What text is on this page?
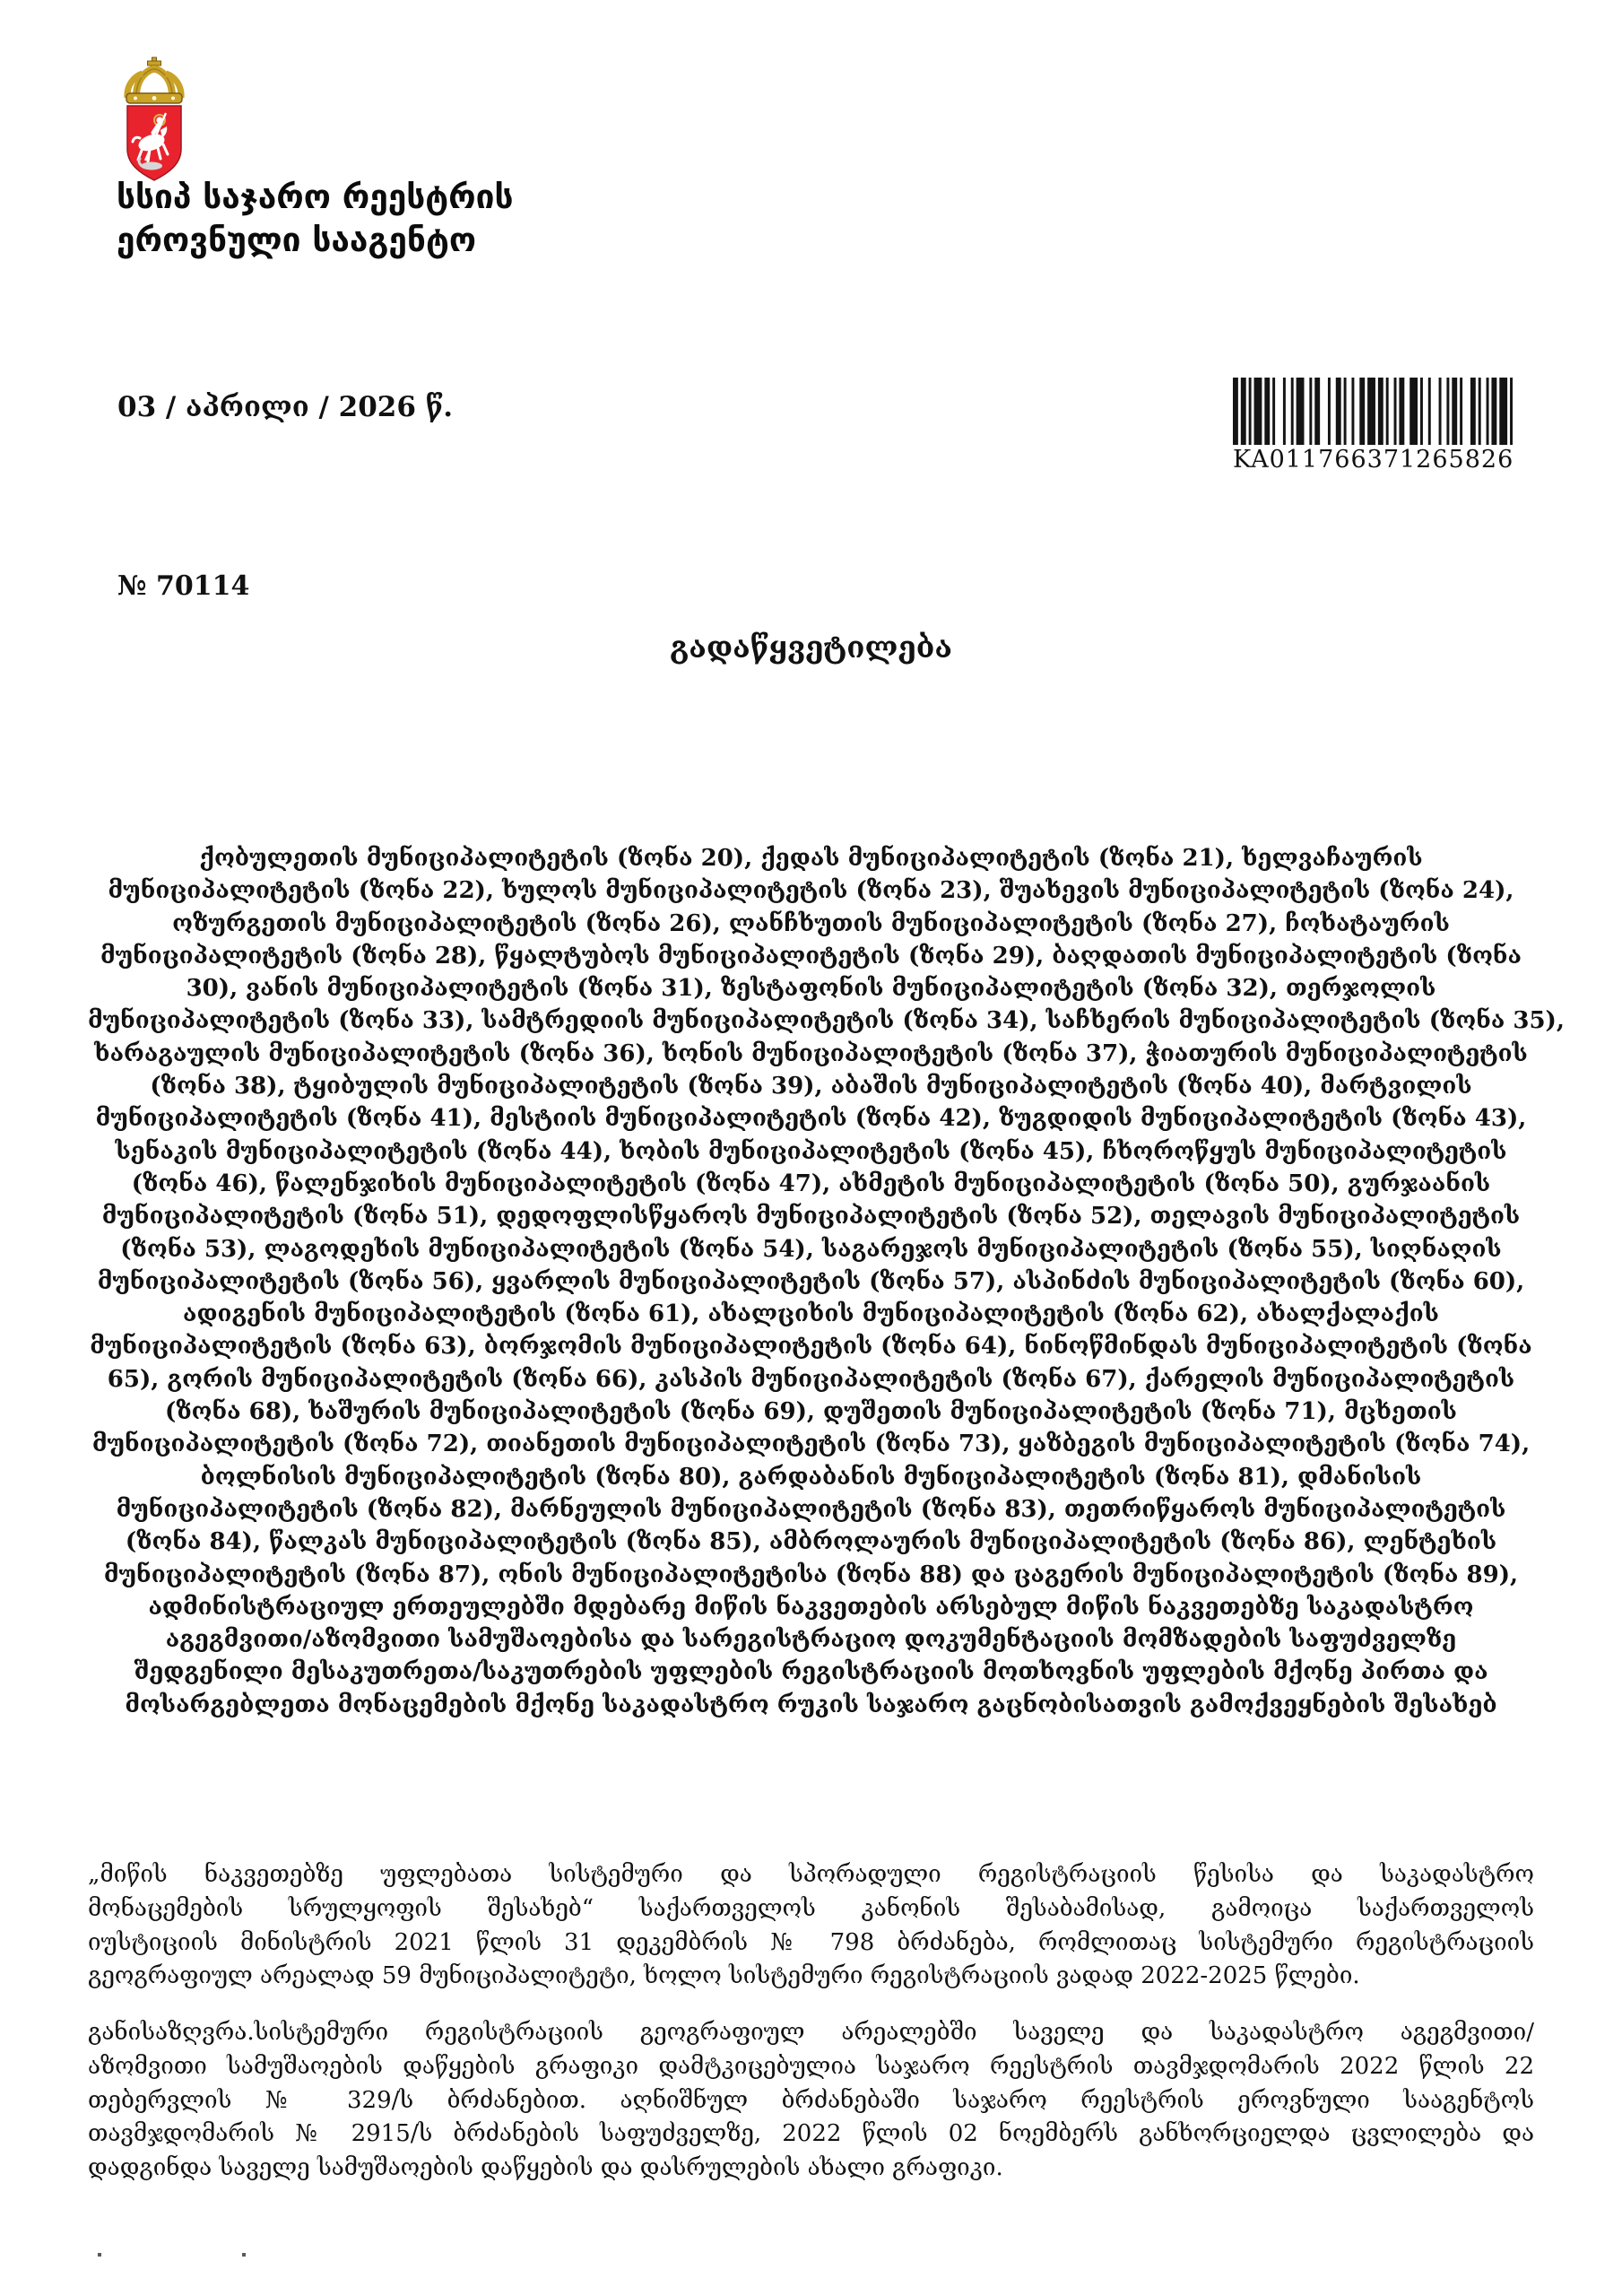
სსიპ საჯარო რეესტრის
ეროვნული სააგენტო
03 / აპრილი / 2026 წ.
KA011766371265826
№ 70114
გადაწყვეტილება
ქობულეთის მუნიციპალიტეტის (ზონა 20), ქედას მუნიციპალიტეტის (ზონა 21), ხელვაჩაურის
მუნიციპალიტეტის (ზონა 22), ხულოს მუნიციპალიტეტის (ზონა 23), შუახევის მუნიციპალიტეტის (ზონა 24),
ოზურგეთის მუნიციპალიტეტის (ზონა 26), ლანჩხუთის მუნიციპალიტეტის (ზონა 27), ჩოხატაურის
მუნიციპალიტეტის (ზონა 28), წყალტუბოს მუნიციპალიტეტის (ზონა 29), ბაღდათის მუნიციპალიტეტის (ზონა
30), ვანის მუნიციპალიტეტის (ზონა 31), ზესტაფონის მუნიციპალიტეტის (ზონა 32), თერჯოლის
მუნიციპალიტეტის (ზონა 33), სამტრედიის მუნიციპალიტეტის (ზონა 34), საჩხერის მუნიციპალიტეტის (ზონა 35),
ხარაგაულის მუნიციპალიტეტის (ზონა 36), ხონის მუნიციპალიტეტის (ზონა 37), ჭიათურის მუნიციპალიტეტის
(ზონა 38), ტყიბულის მუნიციპალიტეტის (ზონა 39), აბაშის მუნიციპალიტეტის (ზონა 40), მარტვილის
მუნიციპალიტეტის (ზონა 41), მესტიის მუნიციპალიტეტის (ზონა 42), ზუგდიდის მუნიციპალიტეტის (ზონა 43),
სენაკის მუნიციპალიტეტის (ზონა 44), ხობის მუნიციპალიტეტის (ზონა 45), ჩხოროწყუს მუნიციპალიტეტის
(ზონა 46), წალენჯიხის მუნიციპალიტეტის (ზონა 47), ახმეტის მუნიციპალიტეტის (ზონა 50), გურჯაანის
მუნიციპალიტეტის (ზონა 51), დედოფლისწყაროს მუნიციპალიტეტის (ზონა 52), თელავის მუნიციპალიტეტის
(ზონა 53), ლაგოდეხის მუნიციპალიტეტის (ზონა 54), საგარეჯოს მუნიციპალიტეტის (ზონა 55), სიღნაღის
მუნიციპალიტეტის (ზონა 56), ყვარლის მუნიციპალიტეტის (ზონა 57), ასპინძის მუნიციპალიტეტის (ზონა 60),
ადიგენის მუნიციპალიტეტის (ზონა 61), ახალციხის მუნიციპალიტეტის (ზონა 62), ახალქალაქის
მუნიციპალიტეტის (ზონა 63), ბორჯომის მუნიციპალიტეტის (ზონა 64), ნინოწმინდას მუნიციპალიტეტის (ზონა
65), გორის მუნიციპალიტეტის (ზონა 66), კასპის მუნიციპალიტეტის (ზონა 67), ქარელის მუნიციპალიტეტის
(ზონა 68), ხაშურის მუნიციპალიტეტის (ზონა 69), დუშეთის მუნიციპალიტეტის (ზონა 71), მცხეთის
მუნიციპალიტეტის (ზონა 72), თიანეთის მუნიციპალიტეტის (ზონა 73), ყაზბეგის მუნიციპალიტეტის (ზონა 74),
ბოლნისის მუნიციპალიტეტის (ზონა 80), გარდაბანის მუნიციპალიტეტის (ზონა 81), დმანისის
მუნიციპალიტეტის (ზონა 82), მარნეულის მუნიციპალიტეტის (ზონა 83), თეთრიწყაროს მუნიციპალიტეტის
(ზონა 84), წალკას მუნიციპალიტეტის (ზონა 85), ამბროლაურის მუნიციპალიტეტის (ზონა 86), ლენტეხის
მუნიციპალიტეტის (ზონა 87), ონის მუნიციპალიტეტისა (ზონა 88) და ცაგერის მუნიციპალიტეტის (ზონა 89),
ადმინისტრაციულ ერთეულებში მდებარე მიწის ნაკვეთების არსებულ მიწის ნაკვეთებზე საკადასტრო
აგეგმვითი/აზომვითი სამუშაოებისა და სარეგისტრაციო დოკუმენტაციის მომზადების საფუძველზე
შედგენილი მესაკუთრეთა/საკუთრების უფლების რეგისტრაციის მოთხოვნის უფლების მქონე პირთა და
მოსარგებლეთა მონაცემების მქონე საკადასტრო რუკის საჯარო გაცნობისათვის გამოქვეყნების შესახებ
„მიწის ნაკვეთებზე უფლებათა სისტემური და სპორადული რეგისტრაციის წესისა და საკადასტრო
მონაცემების სრულყოფის შესახებ“ საქართველოს კანონის შესაბამისად, გამოიცა საქართველოს
იუსტიციის მინისტრის 2021 წლის 31 დეკემბრის № 798 ბრძანება, რომლითაც სისტემური რეგისტრაციის
გეოგრაფიულ არეალად 59 მუნიციპალიტეტი, ხოლო სისტემური რეგისტრაციის ვადად 2022-2025 წლები.
განისაზღვრა.სისტემური რეგისტრაციის გეოგრაფიულ არეალებში საველე და საკადასტრო აგეგმვითი/
აზომვითი სამუშაოების დაწყების გრაფიკი დამტკიცებულია საჯარო რეესტრის თავმჯდომარის 2022 წლის 22
თებერვლის № 329/ს ბრძანებით. აღნიშნულ ბრძანებაში საჯარო რეესტრის ეროვნული სააგენტოს
თავმჯდომარის № 2915/ს ბრძანების საფუძველზე, 2022 წლის 02 ნოემბერს განხორციელდა ცვლილება და
დადგინდა საველე სამუშაოების დაწყების და დასრულების ახალი გრაფიკი.
